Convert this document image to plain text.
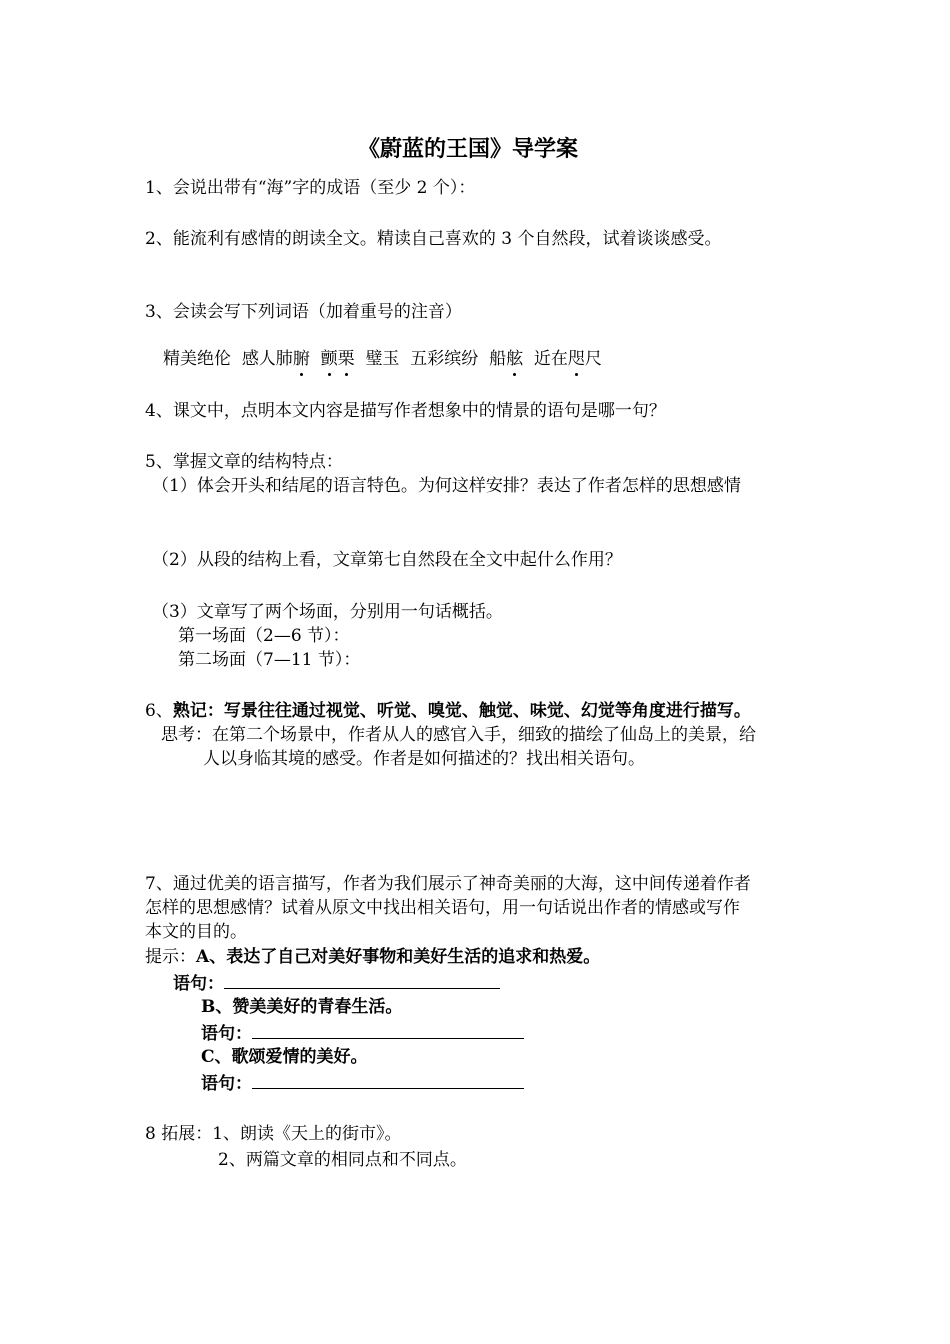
《蔚蓝的王国》导学案
1、会说出带有“海”字的成语（至少 2 个）：
2、能流利有感情的朗读全文。精读自己喜欢的 3 个自然段，试着谈谈感受。
3、会读会写下列词语（加着重号的注音）
精美绝伦 感人肺腑 颤栗 璧玉 五彩缤纷 船舷 近在咫尺
4、课文中，点明本文内容是描写作者想象中的情景的语句是哪一句？
5、掌握文章的结构特点：
（1）体会开头和结尾的语言特色。为何这样安排？表达了作者怎样的思想感情
（2）从段的结构上看，文章第七自然段在全文中起什么作用？
（3）文章写了两个场面，分别用一句话概括。
第一场面（2—6 节）：
第二场面（7—11 节）：
6、熟记：写景往往通过视觉、听觉、嗅觉、触觉、味觉、幻觉等角度进行描写。
思考：在第二个场景中，作者从人的感官入手，细致的描绘了仙岛上的美景，给
人以身临其境的感受。作者是如何描述的？找出相关语句。
7、通过优美的语言描写，作者为我们展示了神奇美丽的大海，这中间传递着作者
怎样的思想感情？试着从原文中找出相关语句，用一句话说出作者的情感或写作
本文的目的。
提示：A、表达了自己对美好事物和美好生活的追求和热爱。
语句：
B、赞美美好的青春生活。
语句：
C、歌颂爱情的美好。
语句：
8 拓展：1、朗读《天上的街市》。
2、两篇文章的相同点和不同点。
